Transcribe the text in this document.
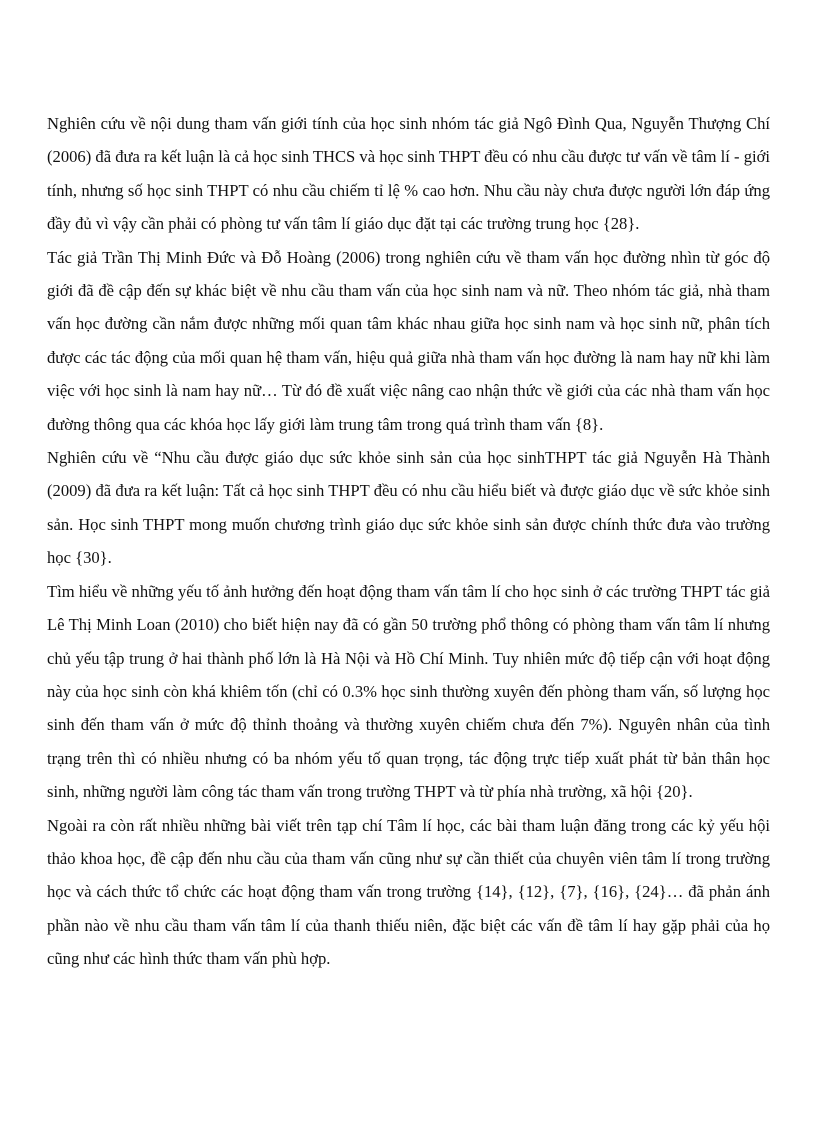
Nghiên cứu về nội dung tham vấn giới tính của học sinh nhóm tác giả Ngô Đình Qua, Nguyễn Thượng Chí (2006) đã đưa ra kết luận là cả học sinh THCS và học sinh THPT đều có nhu cầu được tư vấn về tâm lí - giới tính, nhưng số học sinh THPT có nhu cầu chiếm tỉ lệ % cao hơn. Nhu cầu này chưa được người lớn đáp ứng đầy đủ vì vậy cần phải có phòng tư vấn tâm lí giáo dục đặt tại các trường trung học {28}.

Tác giả Trần Thị Minh Đức và Đỗ Hoàng (2006) trong nghiên cứu về tham vấn học đường nhìn từ góc độ giới đã đề cập đến sự khác biệt về nhu cầu tham vấn của học sinh nam và nữ. Theo nhóm tác giả, nhà tham vấn học đường cần nắm được những mối quan tâm khác nhau giữa học sinh nam và học sinh nữ, phân tích được các tác động của mối quan hệ tham vấn, hiệu quả giữa nhà tham vấn học đường là nam hay nữ khi làm việc với học sinh là nam hay nữ… Từ đó đề xuất việc nâng cao nhận thức về giới của các nhà tham vấn học đường thông qua các khóa học lấy giới làm trung tâm trong quá trình tham vấn {8}.

Nghiên cứu về “Nhu cầu được giáo dục sức khỏe sinh sản của học sinhTHPT tác giả Nguyễn Hà Thành (2009) đã đưa ra kết luận: Tất cả học sinh THPT đều có nhu cầu hiểu biết và được giáo dục về sức khỏe sinh sản. Học sinh THPT mong muốn chương trình giáo dục sức khỏe sinh sản được chính thức đưa vào trường học {30}.

Tìm hiểu về những yếu tố ảnh hưởng đến hoạt động tham vấn tâm lí cho học sinh ở các trường THPT tác giả Lê Thị Minh Loan (2010) cho biết hiện nay đã có gần 50 trường phổ thông có phòng tham vấn tâm lí nhưng chủ yếu tập trung ở hai thành phố lớn là Hà Nội và Hồ Chí Minh. Tuy nhiên mức độ tiếp cận với hoạt động này của học sinh còn khá khiêm tốn (chỉ có 0.3% học sinh thường xuyên đến phòng tham vấn, số lượng học sinh đến tham vấn ở mức độ thỉnh thoảng và thường xuyên chiếm chưa đến 7%). Nguyên nhân của tình trạng trên thì có nhiều nhưng có ba nhóm yếu tố quan trọng, tác động trực tiếp xuất phát từ bản thân học sinh, những người làm công tác tham vấn trong trường THPT và từ phía nhà trường, xã hội {20}.

Ngoài ra còn rất nhiều những bài viết trên tạp chí Tâm lí học, các bài tham luận đăng trong các kỷ yếu hội thảo khoa học, đề cập đến nhu cầu của tham vấn cũng như sự cần thiết của chuyên viên tâm lí trong trường học và cách thức tổ chức các hoạt động tham vấn trong trường {14}, {12}, {7}, {16}, {24}… đã phản ánh phần nào về nhu cầu tham vấn tâm lí của thanh thiếu niên, đặc biệt các vấn đề tâm lí hay gặp phải của họ cũng như các hình thức tham vấn phù hợp.
